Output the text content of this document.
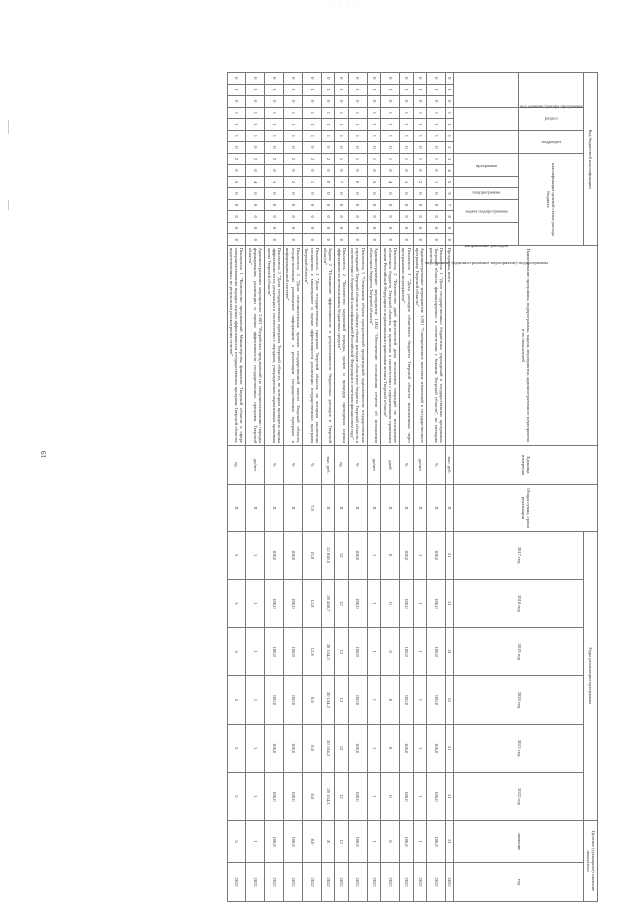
. . . .
19
Код бюджетной классификации															Наименование программы, подпрограммы, задачи, мероприятия, административного мероприятия и их показателей	Единица измерения	Общая сумма, сроки реализации	Годы реализации программы						Целевое (суммарное) значение показателя	
код администратора программы			раздел		подраздел		классификация целевой статьи расхода бюджета											2017 год	2018 год	2019 год	2020 год	2021 год	2022 год	значение	год
							программа		подпрограмма	задача подпрограммы	мероприятие (административное мероприятие) подпрограммы		направление расходов												
0	1	0	1	1	1	2	3	4	5	6	7	8	0	0	Программа, всего	тыс. руб.	Х	21	21	21	21	21	21	21	2022
0	1	0	1	1	1	0	1	0	1	0	0	0	0	0	Показатель 1 "Доля государственных бюджетных учреждений в государственных программах Тверской области, финансируемых в соответствии с Законом Тверской области", по методике расчета	%	Х	100,0	100,0	100,0	100,0	100,0	100,0	100,0	2022
0	1	0	1	1	1	0	1	0	2	0	0	0	0	0	Административное мероприятие 1.001 "Своевременное внесение изменений в государственную программу Тверской области"	да/нет	Х	1	1	1	1	1	1	1	2022
0	1	0	1	1	1	0	1	0	3	0	0	0	0	0	Показатель 1 "Доля расходов областного бюджета Тверской области, исполненных через программные мероприятия"	%	Х	100,0	100,0	100,0	100,0	100,0	100,0	100,0	2022
0	1	0	1	1	1	0	1	0	4	0	0	0	0	0	Показатель 2 "Количество дней фактической даты исполнения операций по исполнению областного бюджета Тверской области, не принятых в соответствии с нормативными правовыми актами Российской Федерации и нормативными правовыми актами Тверской области"	дней	Х	0	0	0	0	0	0	0	2022
0	1	0	1	1	1	0	1	0	5	0	0	0	0	0	Административное мероприятие 1.002 "Обеспечение составления отчетов об исполнении областного бюджета Тверской области"	да/нет	Х	1	1	1	1	1	1	1	2022
0	1	0	1	1	1	0	1	0	6	0	0	0	0	0	Показатель 1 "Отношение объема просроченной кредиторской задолженности государственных учреждений Тверской области к общему объему расходов областного бюджета Тверской области в соответствии с бюджетной классификацией Российской Федерации в отчетном финансовом году"	%	Х	100,0	100,0	100,0	100,0	100,0	100,0	100,0	2022
0	1	0	1	1	1	0	1	0	7	0	0	0	0	0	Показатель 2 "Количество нарушений порядка, сроков и процедур проведения оценки эффективности использования бюджетных средств"	ед.	Х	12	12	12	12	12	12	12	2022
0	1	0	1	1	1	0	2	0	0	0	0	0	0	0	Задача 2 "Повышение эффективности и результативности бюджетных расходов в Тверской области"	тыс. руб.	Х	22 838,5	20 458,7	20 154,3	20 154,3	20 154,3	20 154,3	Х	2022
0	1	0	1	1	1	0	2	0	1	0	0	0	0	0	Показатель 1 "Доля государственных программ Тверской области, по которым заключены соглашения о мониторинге и оценке эффективности реализации государственных программ Тверской области"	%	7,8	15,0	12,8	12,8	8,0	8,0	8,0	8,0	2022
0	1	0	1	1	1	0	2	0	2	0	0	0	0	0	Показатель 2 "Доля исполнительных органов государственной власти Тверской области, осуществляющих размещение информации о реализации государственных программ в информационной системе"	%	Х	100,0	100,0	100,0	100,0	100,0	100,0	100,0	2022
0	1	0	1	1	1	0	2	0	3	0	0	0	0	0	Показатель 3 "Доля государственных программ Тверской области, по которым проведена оценка эффективности их реализации в соответствии с порядком, утвержденным нормативным правовым актом Тверской области"	%	Х	100,0	100,0	100,0	100,0	100,0	100,0	100,0	2022
0	1	0	1	1	1	0	2	0	4	0	0	0	0	0	Административное мероприятие 2.001 "Разработка предложений по совершенствованию порядка формирования, реализации и оценки эффективности государственных программ Тверской области"	да/нет	Х	1	1	1	1	1	1	1	2022
0	1	0	1	1	1	0	2	0	5	0	0	0	0	0	Показатель 1 "Количество предложений Министерства финансов Тверской области в сфере совершенствования порядка оценки эффективности государственных программ Тверской области, подготовленных по результатам рассмотрения отчетов"	ед.	Х	5	5	5	5	5	5	5	2022
